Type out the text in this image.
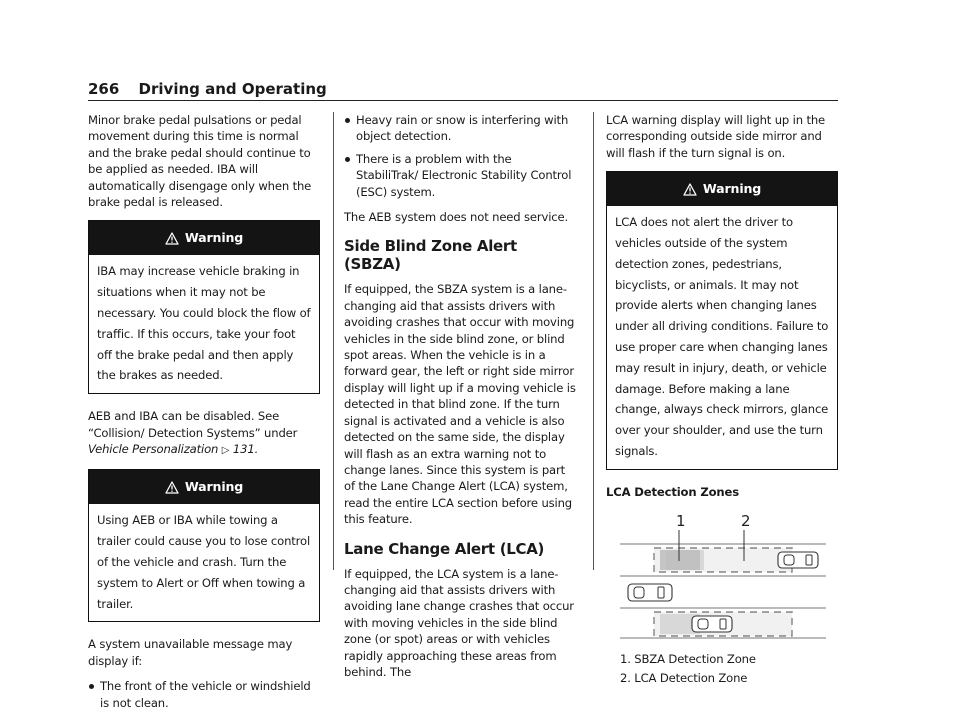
266 Driving and Operating

Minor brake pedal pulsations or pedal movement during this time is normal and the brake pedal should continue to be applied as needed. IBA will automatically disengage only when the brake pedal is released.

Warning
IBA may increase vehicle braking in situations when it may not be necessary. You could block the flow of traffic. If this occurs, take your foot off the brake pedal and then apply the brakes as needed.

AEB and IBA can be disabled. See “Collision/ Detection Systems” under Vehicle Personalization ▷ 131.

Warning
Using AEB or IBA while towing a trailer could cause you to lose control of the vehicle and crash. Turn the system to Alert or Off when towing a trailer.

A system unavailable message may display if:

The front of the vehicle or windshield is not clean.
Heavy rain or snow is interfering with object detection.
There is a problem with the StabiliTrak/ Electronic Stability Control (ESC) system.

The AEB system does not need service.

Side Blind Zone Alert (SBZA)

If equipped, the SBZA system is a lane-changing aid that assists drivers with avoiding crashes that occur with moving vehicles in the side blind zone, or blind spot areas. When the vehicle is in a forward gear, the left or right side mirror display will light up if a moving vehicle is detected in that blind zone. If the turn signal is activated and a vehicle is also detected on the same side, the display will flash as an extra warning not to change lanes. Since this system is part of the Lane Change Alert (LCA) system, read the entire LCA section before using this feature.

Lane Change Alert (LCA)

If equipped, the LCA system is a lane-changing aid that assists drivers with avoiding lane change crashes that occur with moving vehicles in the side blind zone (or spot) areas or with vehicles rapidly approaching these areas from behind. The

LCA warning display will light up in the corresponding outside side mirror and will flash if the turn signal is on.

Warning
LCA does not alert the driver to vehicles outside of the system detection zones, pedestrians, bicyclists, or animals. It may not provide alerts when changing lanes under all driving conditions. Failure to use proper care when changing lanes may result in injury, death, or vehicle damage. Before making a lane change, always check mirrors, glance over your shoulder, and use the turn signals.
LCA Detection Zones
1	2
1. SBZA Detection Zone
2. LCA Detection Zone
